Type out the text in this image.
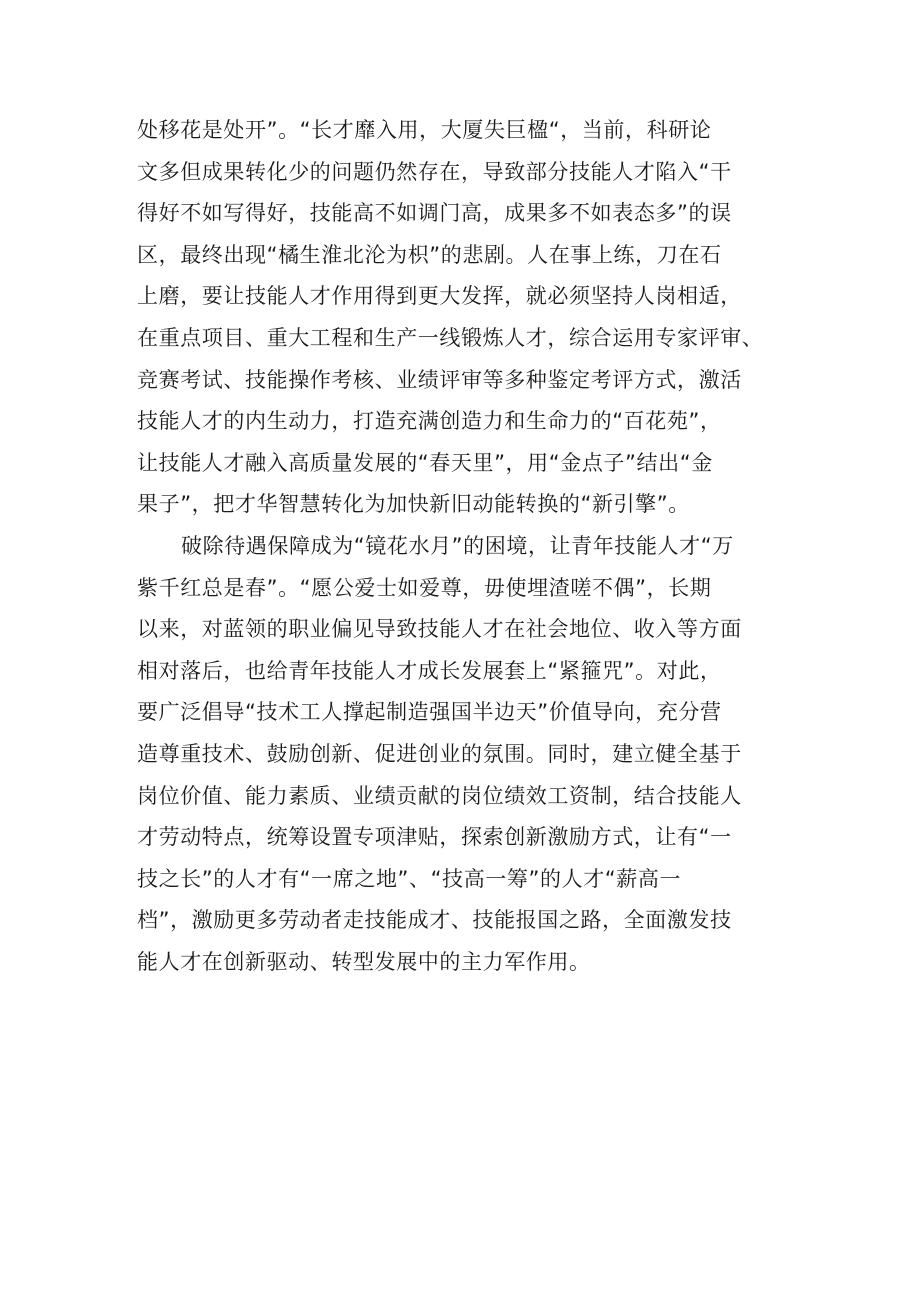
处移花是处开”。“长才靡入用，大厦失巨楹“，当前，科研论
文多但成果转化少的问题仍然存在，导致部分技能人才陷入“干
得好不如写得好，技能高不如调门高，成果多不如表态多”的误
区，最终出现“橘生淮北沦为枳”的悲剧。人在事上练，刀在石
上磨，要让技能人才作用得到更大发挥，就必须坚持人岗相适，
在重点项目、重大工程和生产一线锻炼人才，综合运用专家评审、
竞赛考试、技能操作考核、业绩评审等多种鉴定考评方式，激活
技能人才的内生动力，打造充满创造力和生命力的“百花苑”，
让技能人才融入高质量发展的“春天里”，用“金点子”结出“金
果子”，把才华智慧转化为加快新旧动能转换的“新引擎”。
破除待遇保障成为“镜花水月”的困境，让青年技能人才“万
紫千红总是春”。“愿公爱士如爱尊，毋使埋渣嗟不偶”，长期
以来，对蓝领的职业偏见导致技能人才在社会地位、收入等方面
相对落后，也给青年技能人才成长发展套上“紧箍咒”。对此，
要广泛倡导“技术工人撑起制造强国半边天”价值导向，充分营
造尊重技术、鼓励创新、促进创业的氛围。同时，建立健全基于
岗位价值、能力素质、业绩贡献的岗位绩效工资制，结合技能人
才劳动特点，统筹设置专项津贴，探索创新激励方式，让有“一
技之长”的人才有“一席之地”、“技高一筹”的人才“薪高一
档”，激励更多劳动者走技能成才、技能报国之路，全面激发技
能人才在创新驱动、转型发展中的主力军作用。
